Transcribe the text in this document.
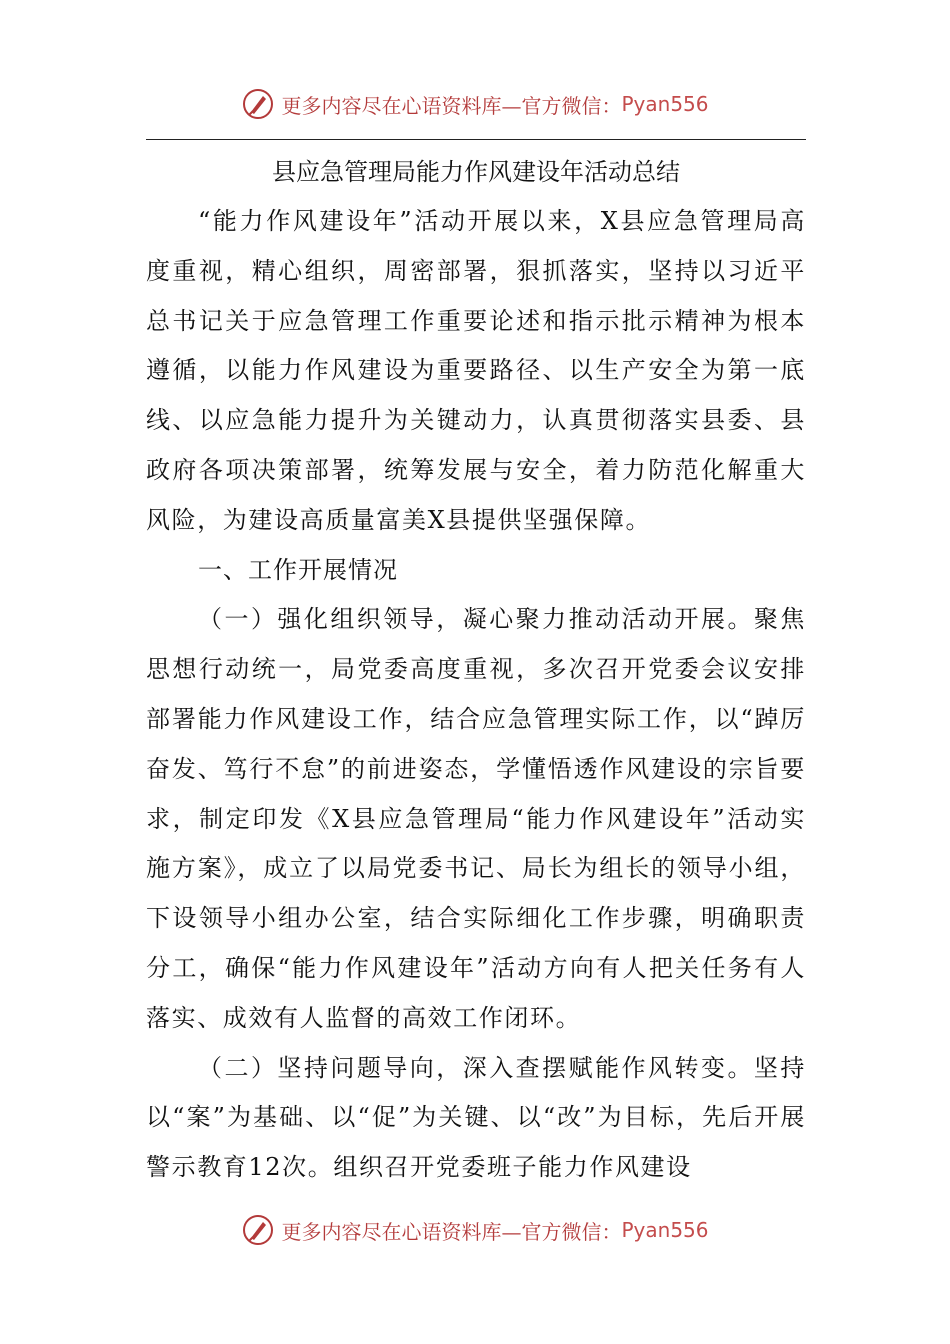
更多内容尽在心语资料库—官方微信： Pyan556
县应急管理局能力作风建设年活动总结

“能力作风建设年”活动开展以来，X县应急管理局高度重视，精心组织，周密部署，狠抓落实，坚持以习近平总书记关于应急管理工作重要论述和指示批示精神为根本遵循，以能力作风建设为重要路径、以生产安全为第一底线、以应急能力提升为关键动力，认真贯彻落实县委、县政府各项决策部署，统筹发展与安全，着力防范化解重大风险，为建设高质量富美X县提供坚强保障。

一、工作开展情况

（一）强化组织领导，凝心聚力推动活动开展。聚焦思想行动统一，局党委高度重视，多次召开党委会议安排部署能力作风建设工作，结合应急管理实际工作，以“踔厉奋发、笃行不怠”的前进姿态，学懂悟透作风建设的宗旨要求，制定印发《X县应急管理局“能力作风建设年”活动实施方案》，成立了以局党委书记、局长为组长的领导小组，下设领导小组办公室，结合实际细化工作步骤，明确职责分工，确保“能力作风建设年”活动方向有人把关任务有人落实、成效有人监督的高效工作闭环。

（二）坚持问题导向，深入查摆赋能作风转变。坚持以“案”为基础、以“促”为关键、以“改”为目标，先后开展警示教育12次。组织召开党委班子能力作风建设

更多内容尽在心语资料库—官方微信： Pyan556
